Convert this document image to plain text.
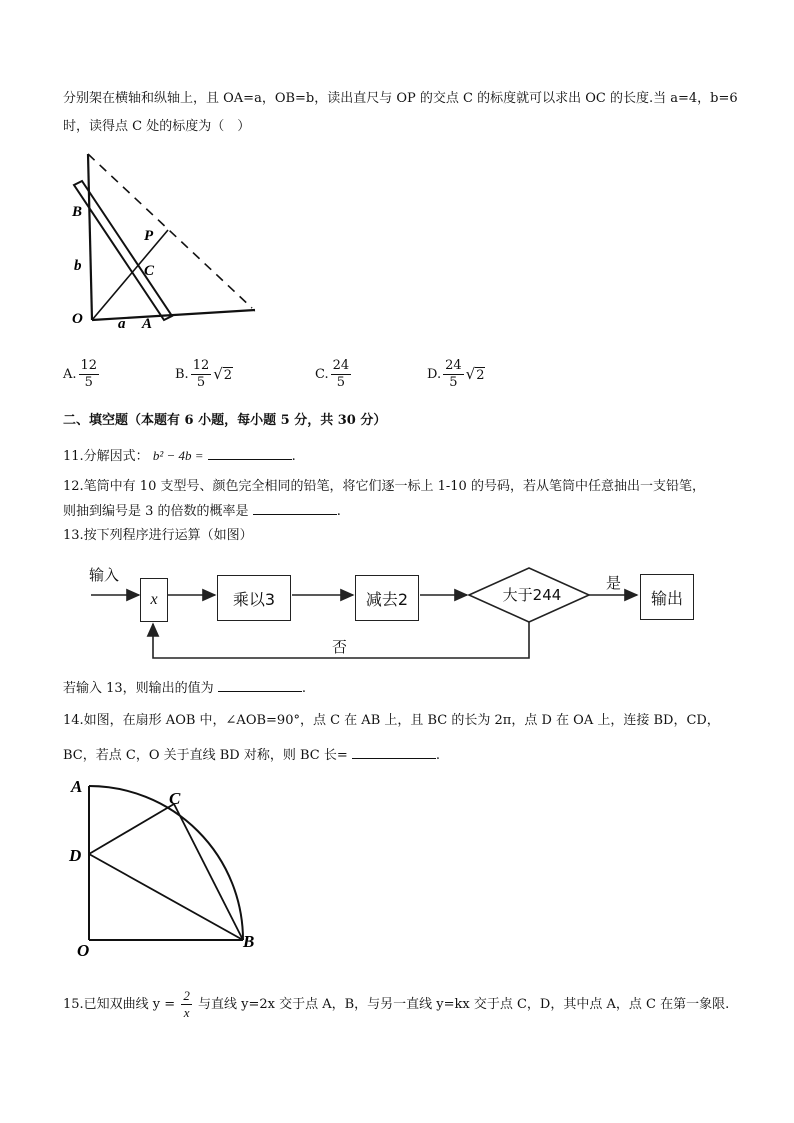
分别架在横轴和纵轴上，且 OA=a，OB=b，读出直尺与 OP 的交点 C 的标度就可以求出 OC 的长度.当 a=4，b=6
时，读得点 C 处的标度为（　）
B
b
P
C
O a A
A. $\frac{12}{5}$	B. $\frac{12}{5}$ √ 2	C. $\frac{24}{5}$	D. $\frac{24}{5}$ √ 2
二、填空题（本题有 6 小题，每小题 5 分，共 30 分）
11.分解因式： b² − 4b =	.
12.笔筒中有 10 支型号、颜色完全相同的铅笔，将它们逐一标上 1-10 的号码，若从笔筒中任意抽出一支铅笔，
则抽到编号是 3 的倍数的概率是	.
13.按下列程序进行运算（如图）
输入
x	乘以3	减去2	大于244
是
输出
否
若输入 13，则输出的值为	.
14.如图，在扇形 AOB 中，∠AOB=90°，点 C 在 AB 上，且 BC 的长为 2π，点 D 在 OA 上，连接 BD，CD，
BC，若点 C，O 关于直线 BD 对称，则 BC 长=	.
A
C
D
O	B
15.已知双曲线 $y = \frac{2}{x}$ 与直线 y=2x 交于点 A，B，与另一直线 y=kx 交于点 C，D，其中点 A，点 C 在第一象限.
